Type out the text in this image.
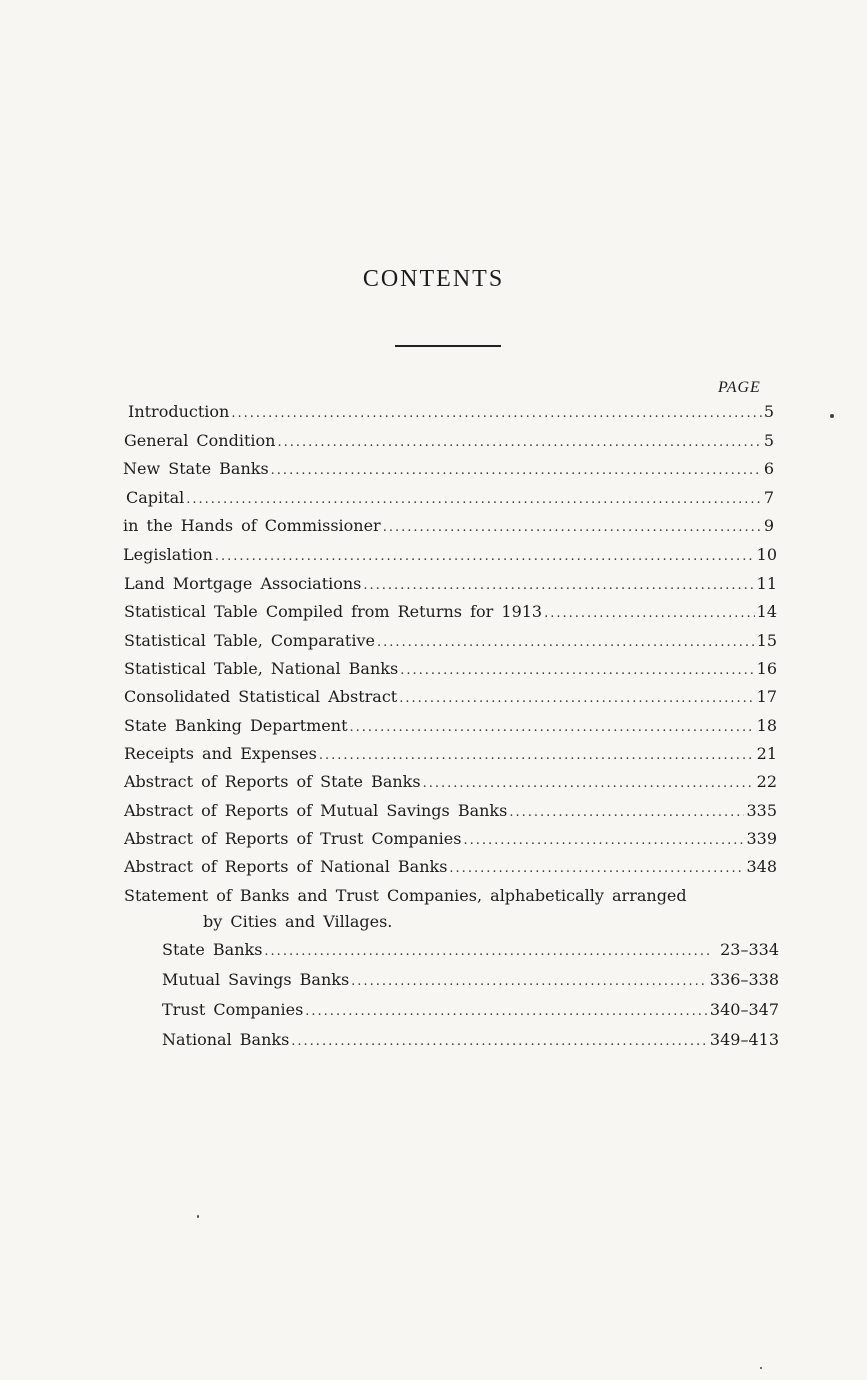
CONTENTS
PAGE
Introduction .....	5
General Condition .....	5
New State Banks .....	6
Capital .....	7
in the Hands of Commissioner .....	9
Legislation .....	10
Land Mortgage Associations .....	11
Statistical Table Compiled from Returns for 1913 .....	14
Statistical Table, Comparative .....	15
Statistical Table, National Banks .....	16
Consolidated Statistical Abstract .....	17
State Banking Department .....	18
Receipts and Expenses .....	21
Abstract of Reports of State Banks .....	22
Abstract of Reports of Mutual Savings Banks .....	335
Abstract of Reports of Trust Companies .....	339
Abstract of Reports of National Banks .....	348
Statement of Banks and Trust Companies, alphabetically arranged
by Cities and Villages.
State Banks .....	23–334
Mutual Savings Banks .....	336–338
Trust Companies .....	340–347
National Banks .....	349–413
